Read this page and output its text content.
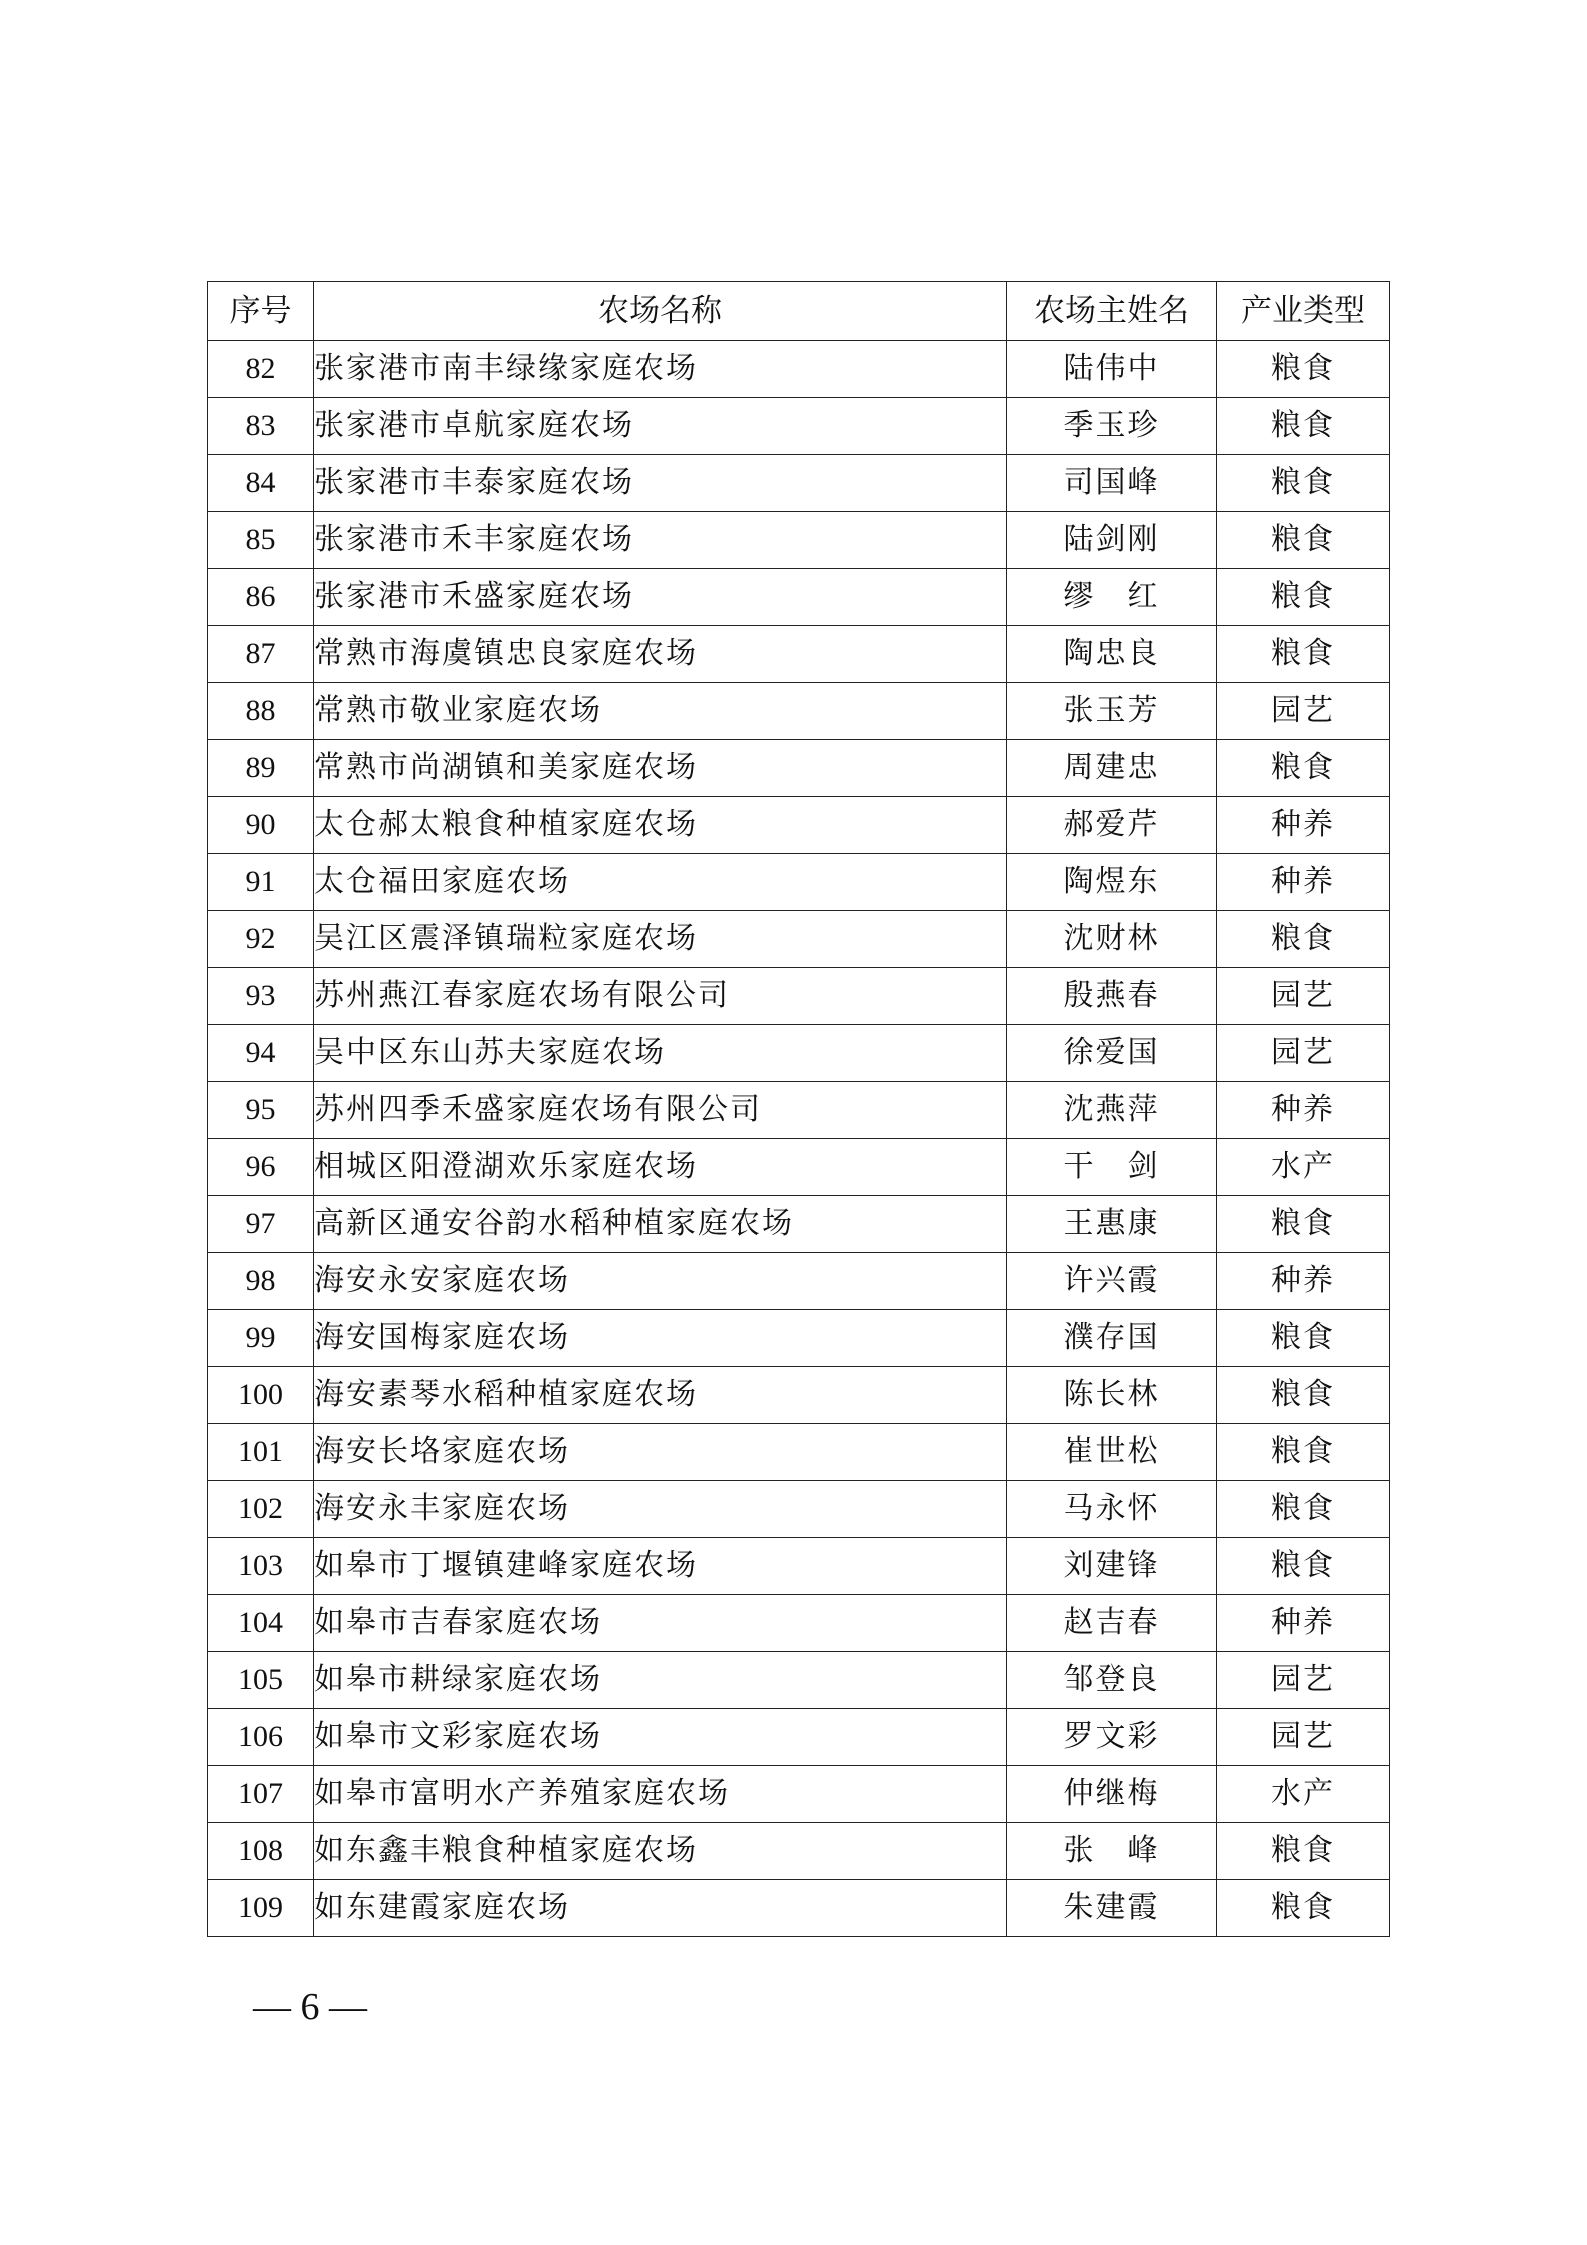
序号	农场名称	农场主姓名	产业类型
82	张家港市南丰绿缘家庭农场	陆伟中	粮食
83	张家港市卓航家庭农场	季玉珍	粮食
84	张家港市丰泰家庭农场	司国峰	粮食
85	张家港市禾丰家庭农场	陆剑刚	粮食
86	张家港市禾盛家庭农场	缪　红	粮食
87	常熟市海虞镇忠良家庭农场	陶忠良	粮食
88	常熟市敬业家庭农场	张玉芳	园艺
89	常熟市尚湖镇和美家庭农场	周建忠	粮食
90	太仓郝太粮食种植家庭农场	郝爱芹	种养
91	太仓福田家庭农场	陶煜东	种养
92	吴江区震泽镇瑞粒家庭农场	沈财林	粮食
93	苏州燕江春家庭农场有限公司	殷燕春	园艺
94	吴中区东山苏夫家庭农场	徐爱国	园艺
95	苏州四季禾盛家庭农场有限公司	沈燕萍	种养
96	相城区阳澄湖欢乐家庭农场	干　剑	水产
97	高新区通安谷韵水稻种植家庭农场	王惠康	粮食
98	海安永安家庭农场	许兴霞	种养
99	海安国梅家庭农场	濮存国	粮食
100	海安素琴水稻种植家庭农场	陈长林	粮食
101	海安长垎家庭农场	崔世松	粮食
102	海安永丰家庭农场	马永怀	粮食
103	如皋市丁堰镇建峰家庭农场	刘建锋	粮食
104	如皋市吉春家庭农场	赵吉春	种养
105	如皋市耕绿家庭农场	邹登良	园艺
106	如皋市文彩家庭农场	罗文彩	园艺
107	如皋市富明水产养殖家庭农场	仲继梅	水产
108	如东鑫丰粮食种植家庭农场	张　峰	粮食
109	如东建霞家庭农场	朱建霞	粮食
— 6 —
